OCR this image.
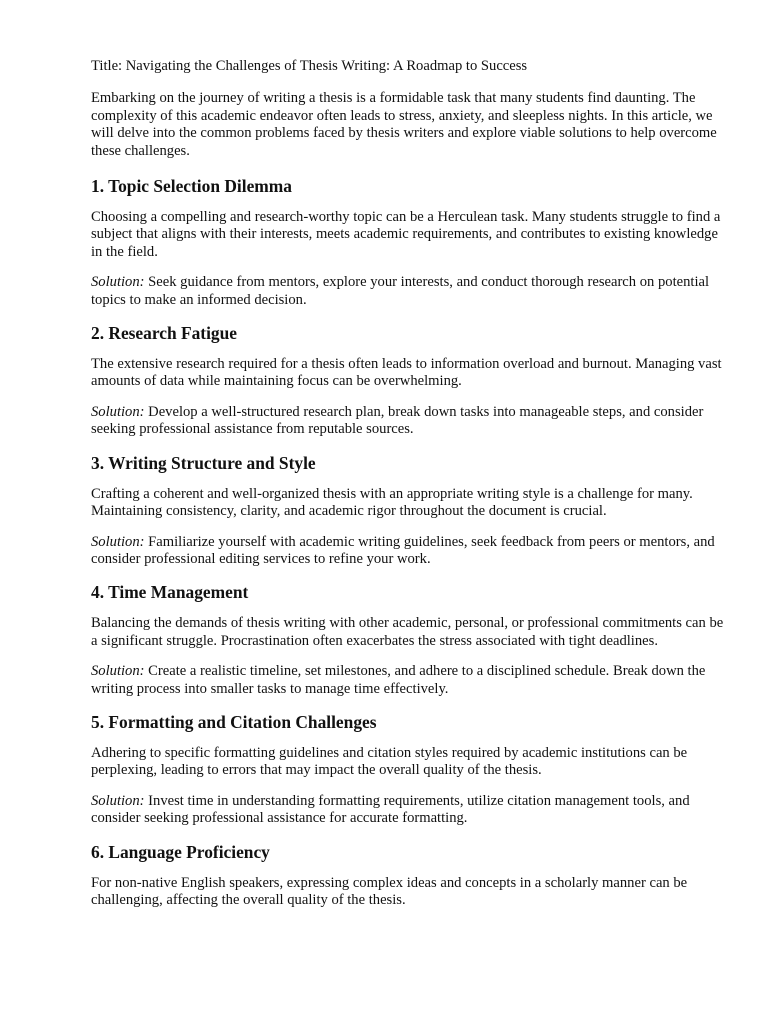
Title: Navigating the Challenges of Thesis Writing: A Roadmap to Success

Embarking on the journey of writing a thesis is a formidable task that many students find daunting. The complexity of this academic endeavor often leads to stress, anxiety, and sleepless nights. In this article, we will delve into the common problems faced by thesis writers and explore viable solutions to help overcome these challenges.

1. Topic Selection Dilemma

Choosing a compelling and research-worthy topic can be a Herculean task. Many students struggle to find a subject that aligns with their interests, meets academic requirements, and contributes to existing knowledge in the field.

Solution: Seek guidance from mentors, explore your interests, and conduct thorough research on potential topics to make an informed decision.

2. Research Fatigue

The extensive research required for a thesis often leads to information overload and burnout. Managing vast amounts of data while maintaining focus can be overwhelming.

Solution: Develop a well-structured research plan, break down tasks into manageable steps, and consider seeking professional assistance from reputable sources.

3. Writing Structure and Style

Crafting a coherent and well-organized thesis with an appropriate writing style is a challenge for many. Maintaining consistency, clarity, and academic rigor throughout the document is crucial.

Solution: Familiarize yourself with academic writing guidelines, seek feedback from peers or mentors, and consider professional editing services to refine your work.

4. Time Management

Balancing the demands of thesis writing with other academic, personal, or professional commitments can be a significant struggle. Procrastination often exacerbates the stress associated with tight deadlines.

Solution: Create a realistic timeline, set milestones, and adhere to a disciplined schedule. Break down the writing process into smaller tasks to manage time effectively.

5. Formatting and Citation Challenges

Adhering to specific formatting guidelines and citation styles required by academic institutions can be perplexing, leading to errors that may impact the overall quality of the thesis.

Solution: Invest time in understanding formatting requirements, utilize citation management tools, and consider seeking professional assistance for accurate formatting.

6. Language Proficiency

For non-native English speakers, expressing complex ideas and concepts in a scholarly manner can be challenging, affecting the overall quality of the thesis.
